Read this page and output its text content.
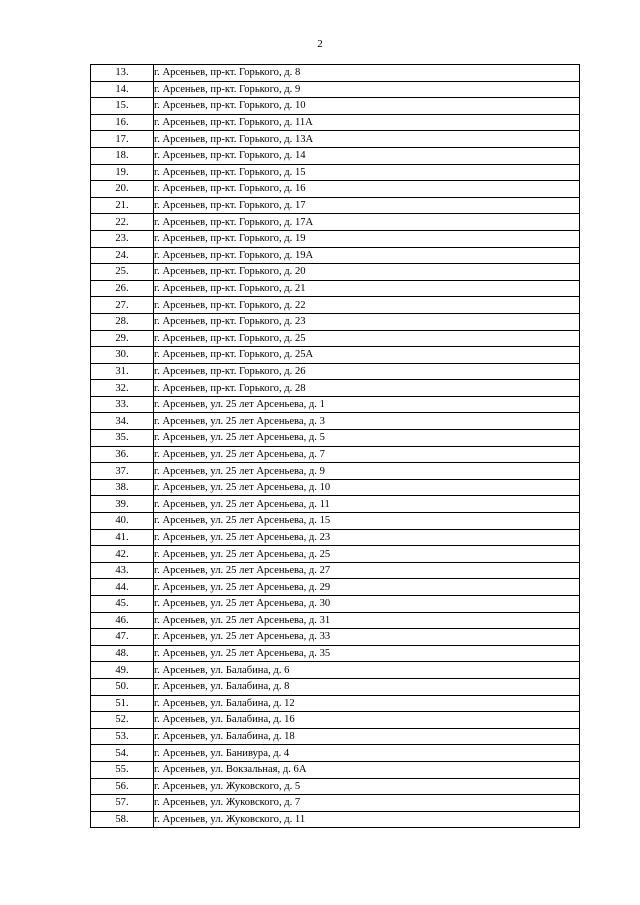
2
13.	г. Арсеньев, пр-кт. Горького, д. 8
14.	г. Арсеньев, пр-кт. Горького, д. 9
15.	г. Арсеньев, пр-кт. Горького, д. 10
16.	г. Арсеньев, пр-кт. Горького, д. 11А
17.	г. Арсеньев, пр-кт. Горького, д. 13А
18.	г. Арсеньев, пр-кт. Горького, д. 14
19.	г. Арсеньев, пр-кт. Горького, д. 15
20.	г. Арсеньев, пр-кт. Горького, д. 16
21.	г. Арсеньев, пр-кт. Горького, д. 17
22.	г. Арсеньев, пр-кт. Горького, д. 17А
23.	г. Арсеньев, пр-кт. Горького, д. 19
24.	г. Арсеньев, пр-кт. Горького, д. 19А
25.	г. Арсеньев, пр-кт. Горького, д. 20
26.	г. Арсеньев, пр-кт. Горького, д. 21
27.	г. Арсеньев, пр-кт. Горького, д. 22
28.	г. Арсеньев, пр-кт. Горького, д. 23
29.	г. Арсеньев, пр-кт. Горького, д. 25
30.	г. Арсеньев, пр-кт. Горького, д. 25А
31.	г. Арсеньев, пр-кт. Горького, д. 26
32.	г. Арсеньев, пр-кт. Горького, д. 28
33.	г. Арсеньев, ул. 25 лет Арсеньева, д. 1
34.	г. Арсеньев, ул. 25 лет Арсеньева, д. 3
35.	г. Арсеньев, ул. 25 лет Арсеньева, д. 5
36.	г. Арсеньев, ул. 25 лет Арсеньева, д. 7
37.	г. Арсеньев, ул. 25 лет Арсеньева, д. 9
38.	г. Арсеньев, ул. 25 лет Арсеньева, д. 10
39.	г. Арсеньев, ул. 25 лет Арсеньева, д. 11
40.	г. Арсеньев, ул. 25 лет Арсеньева, д. 15
41.	г. Арсеньев, ул. 25 лет Арсеньева, д. 23
42.	г. Арсеньев, ул. 25 лет Арсеньева, д. 25
43.	г. Арсеньев, ул. 25 лет Арсеньева, д. 27
44.	г. Арсеньев, ул. 25 лет Арсеньева, д. 29
45.	г. Арсеньев, ул. 25 лет Арсеньева, д. 30
46.	г. Арсеньев, ул. 25 лет Арсеньева, д. 31
47.	г. Арсеньев, ул. 25 лет Арсеньева, д. 33
48.	г. Арсеньев, ул. 25 лет Арсеньева, д. 35
49.	г. Арсеньев, ул. Балабина, д. 6
50.	г. Арсеньев, ул. Балабина, д. 8
51.	г. Арсеньев, ул. Балабина, д. 12
52.	г. Арсеньев, ул. Балабина, д. 16
53.	г. Арсеньев, ул. Балабина, д. 18
54.	г. Арсеньев, ул. Банивура, д. 4
55.	г. Арсеньев, ул. Вокзальная, д. 6А
56.	г. Арсеньев, ул. Жуковского, д. 5
57.	г. Арсеньев, ул. Жуковского, д. 7
58.	г. Арсеньев, ул. Жуковского, д. 11
